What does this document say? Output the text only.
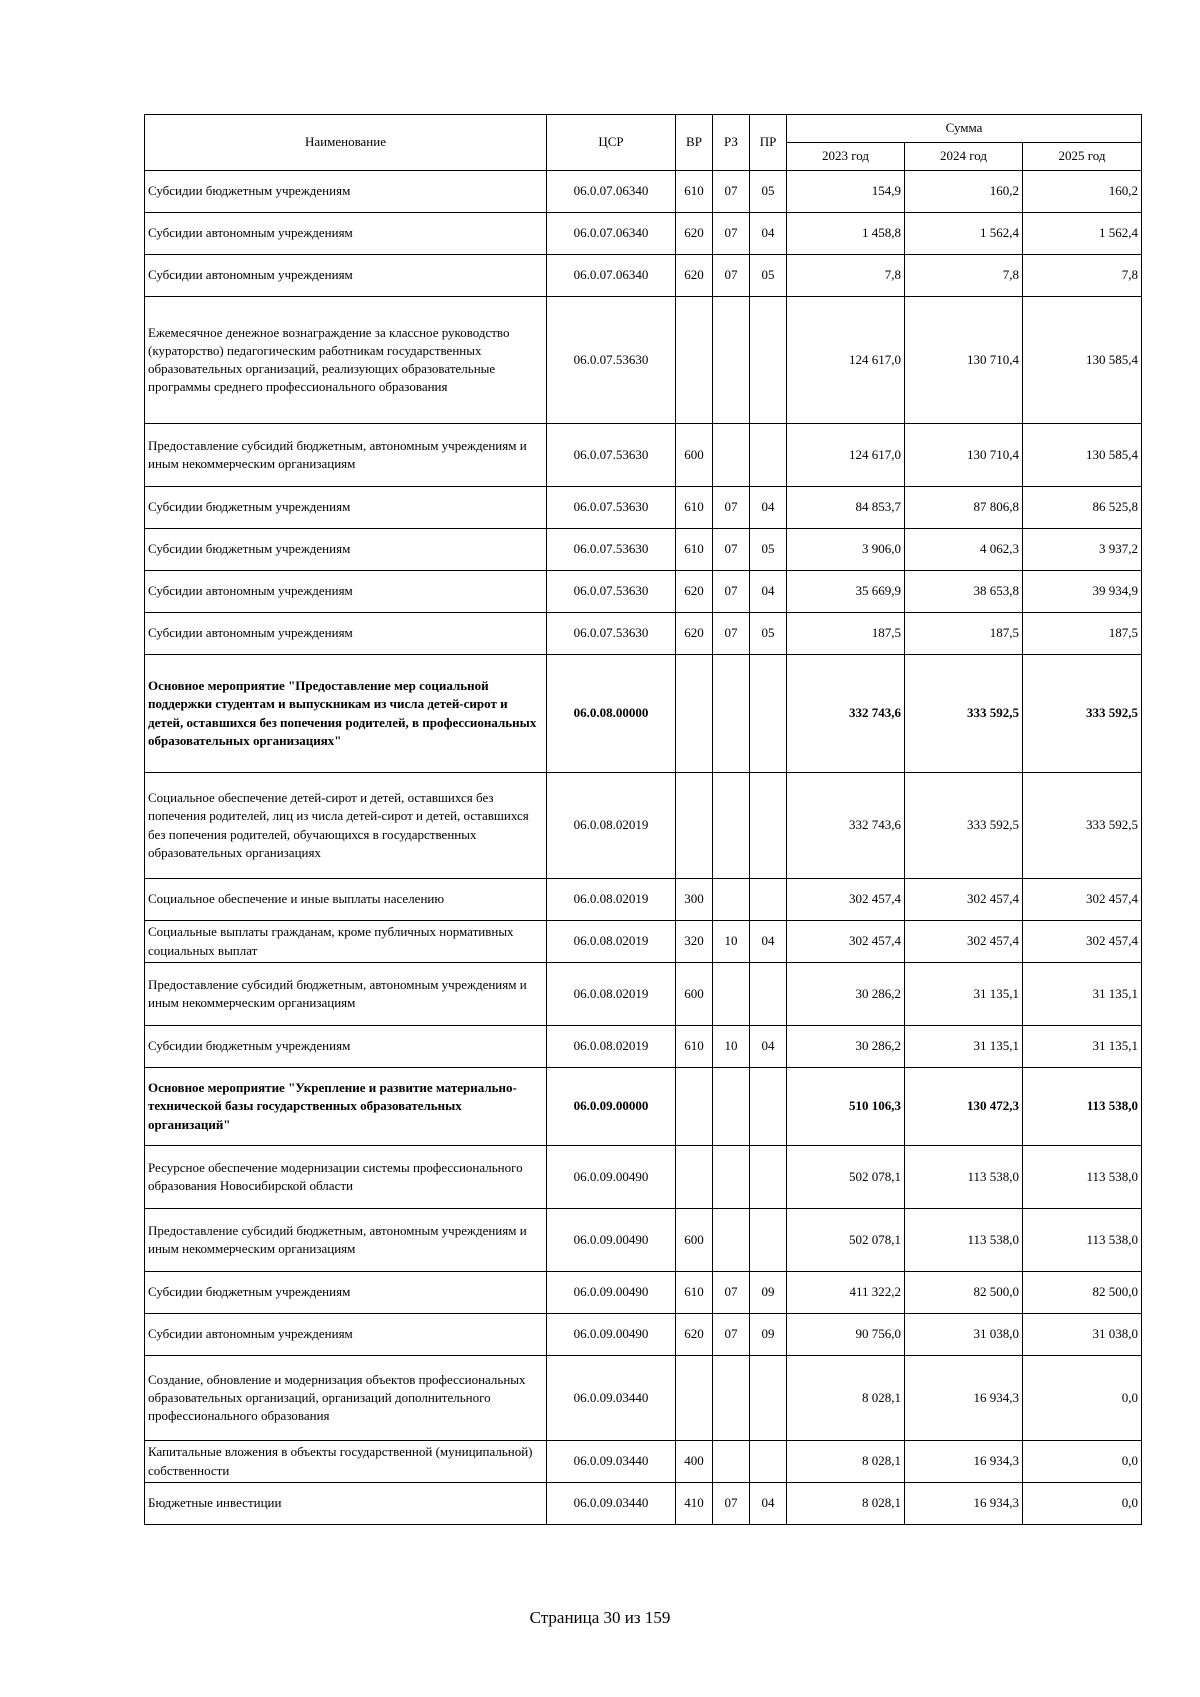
Наименование	ЦСР	ВР	РЗ	ПР	Сумма		
					2023 год	2024 год	2025 год
Субсидии бюджетным учреждениям	06.0.07.06340	610	07	05	154,9	160,2	160,2
Субсидии автономным учреждениям	06.0.07.06340	620	07	04	1 458,8	1 562,4	1 562,4
Субсидии автономным учреждениям	06.0.07.06340	620	07	05	7,8	7,8	7,8
Ежемесячное денежное вознаграждение за классное руководство (кураторство) педагогическим работникам государственных образовательных организаций, реализующих образовательные программы среднего профессионального образования	06.0.07.53630				124 617,0	130 710,4	130 585,4
Предоставление субсидий бюджетным, автономным учреждениям и иным некоммерческим организациям	06.0.07.53630	600			124 617,0	130 710,4	130 585,4
Субсидии бюджетным учреждениям	06.0.07.53630	610	07	04	84 853,7	87 806,8	86 525,8
Субсидии бюджетным учреждениям	06.0.07.53630	610	07	05	3 906,0	4 062,3	3 937,2
Субсидии автономным учреждениям	06.0.07.53630	620	07	04	35 669,9	38 653,8	39 934,9
Субсидии автономным учреждениям	06.0.07.53630	620	07	05	187,5	187,5	187,5
Основное мероприятие "Предоставление мер социальной поддержки студентам и выпускникам из числа детей-сирот и детей, оставшихся без попечения родителей, в профессиональных образовательных организациях"	06.0.08.00000				332 743,6	333 592,5	333 592,5
Социальное обеспечение детей-сирот и детей, оставшихся без попечения родителей, лиц из числа детей-сирот и детей, оставшихся без попечения родителей, обучающихся в государственных образовательных организациях	06.0.08.02019				332 743,6	333 592,5	333 592,5
Социальное обеспечение и иные выплаты населению	06.0.08.02019	300			302 457,4	302 457,4	302 457,4
Социальные выплаты гражданам, кроме публичных нормативных социальных выплат	06.0.08.02019	320	10	04	302 457,4	302 457,4	302 457,4
Предоставление субсидий бюджетным, автономным учреждениям и иным некоммерческим организациям	06.0.08.02019	600			30 286,2	31 135,1	31 135,1
Субсидии бюджетным учреждениям	06.0.08.02019	610	10	04	30 286,2	31 135,1	31 135,1
Основное мероприятие "Укрепление и развитие материально-технической базы государственных образовательных организаций"	06.0.09.00000				510 106,3	130 472,3	113 538,0
Ресурсное обеспечение модернизации системы профессионального образования Новосибирской области	06.0.09.00490				502 078,1	113 538,0	113 538,0
Предоставление субсидий бюджетным, автономным учреждениям и иным некоммерческим организациям	06.0.09.00490	600			502 078,1	113 538,0	113 538,0
Субсидии бюджетным учреждениям	06.0.09.00490	610	07	09	411 322,2	82 500,0	82 500,0
Субсидии автономным учреждениям	06.0.09.00490	620	07	09	90 756,0	31 038,0	31 038,0
Создание, обновление и модернизация объектов профессиональных образовательных организаций, организаций дополнительного профессионального образования	06.0.09.03440				8 028,1	16 934,3	0,0
Капитальные вложения в объекты государственной (муниципальной) собственности	06.0.09.03440	400			8 028,1	16 934,3	0,0
Бюджетные инвестиции	06.0.09.03440	410	07	04	8 028,1	16 934,3	0,0
Страница 30 из 159
